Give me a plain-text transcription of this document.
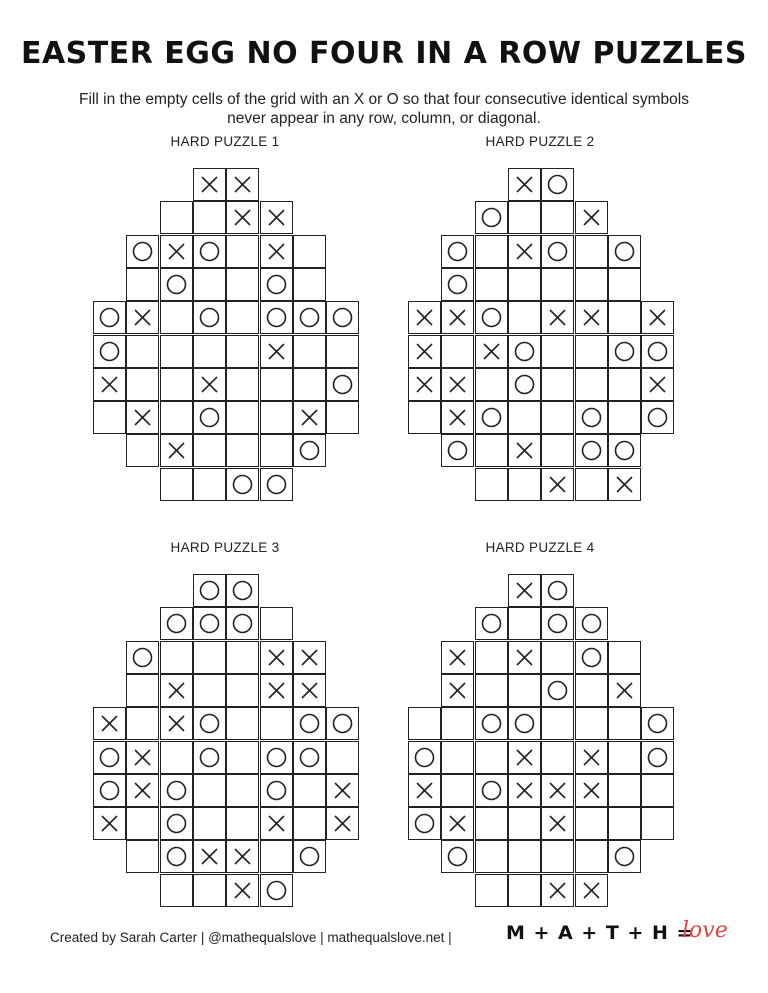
EASTER EGG NO FOUR IN A ROW PUZZLES
Fill in the empty cells of the grid with an X or O so that four consecutive identical symbols never appear in any row, column, or diagonal.
HARD PUZZLE 1	HARD PUZZLE 2
HARD PUZZLE 3	HARD PUZZLE 4
Created by Sarah Carter | @mathequalslove | mathequalslove.net |	M + A + T + H =
love
